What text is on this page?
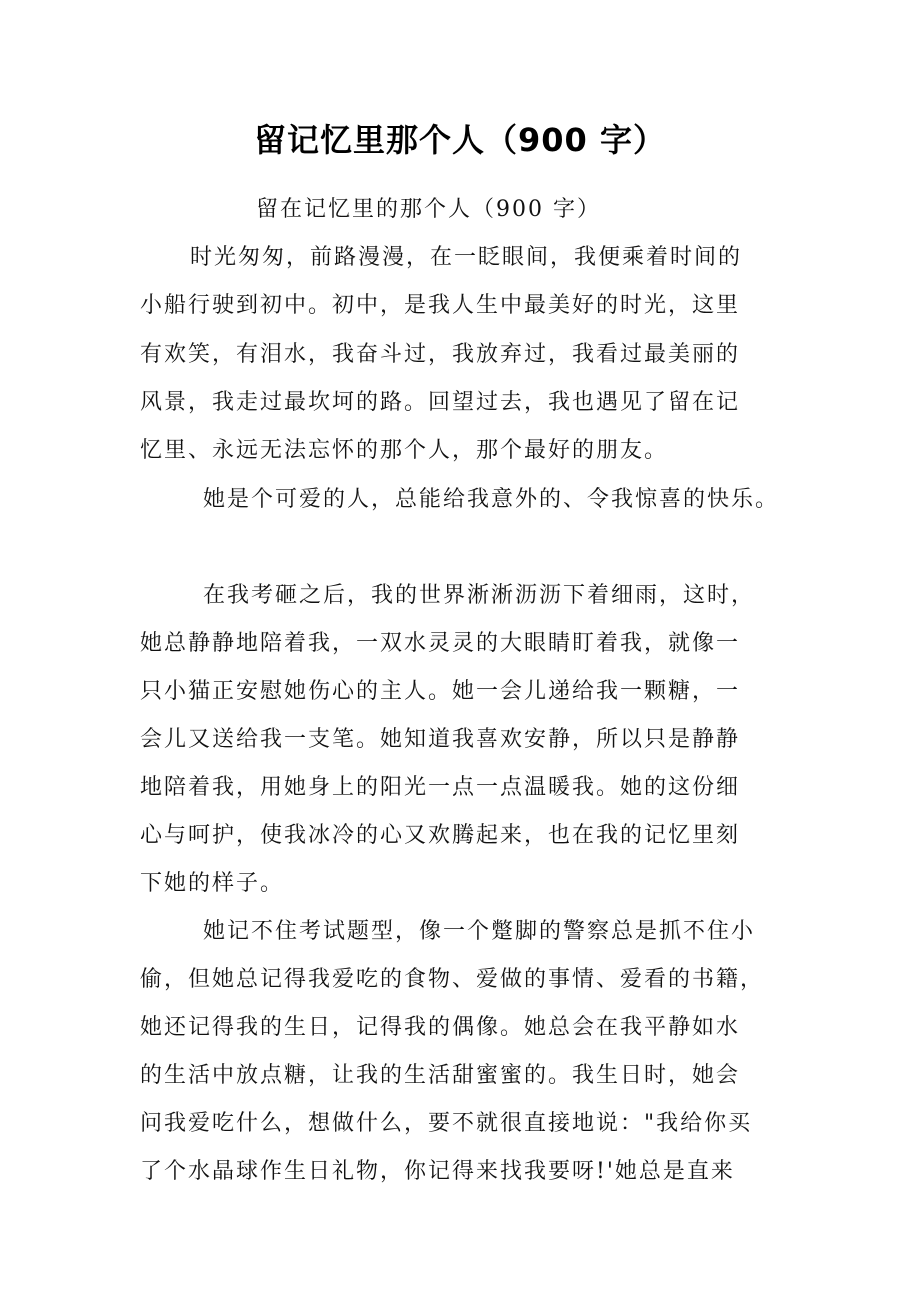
留记忆里那个人（900 字）
留在记忆里的那个人（900 字）
时光匆匆，前路漫漫，在一眨眼间，我便乘着时间的
小船行驶到初中。初中，是我人生中最美好的时光，这里
有欢笑，有泪水，我奋斗过，我放弃过，我看过最美丽的
风景，我走过最坎坷的路。回望过去，我也遇见了留在记
忆里、永远无法忘怀的那个人，那个最好的朋友。
她是个可爱的人，总能给我意外的、令我惊喜的快乐。
在我考砸之后，我的世界淅淅沥沥下着细雨，这时，
她总静静地陪着我，一双水灵灵的大眼睛盯着我，就像一
只小猫正安慰她伤心的主人。她一会儿递给我一颗糖，一
会儿又送给我一支笔。她知道我喜欢安静，所以只是静静
地陪着我，用她身上的阳光一点一点温暖我。她的这份细
心与呵护，使我冰冷的心又欢腾起来，也在我的记忆里刻
下她的样子。
她记不住考试题型，像一个蹩脚的警察总是抓不住小
偷，但她总记得我爱吃的食物、爱做的事情、爱看的书籍，
她还记得我的生日，记得我的偶像。她总会在我平静如水
的生活中放点糖，让我的生活甜蜜蜜的。我生日时，她会
问我爱吃什么，想做什么，要不就很直接地说："我给你买
了个水晶球作生日礼物，你记得来找我要呀!'她总是直来
